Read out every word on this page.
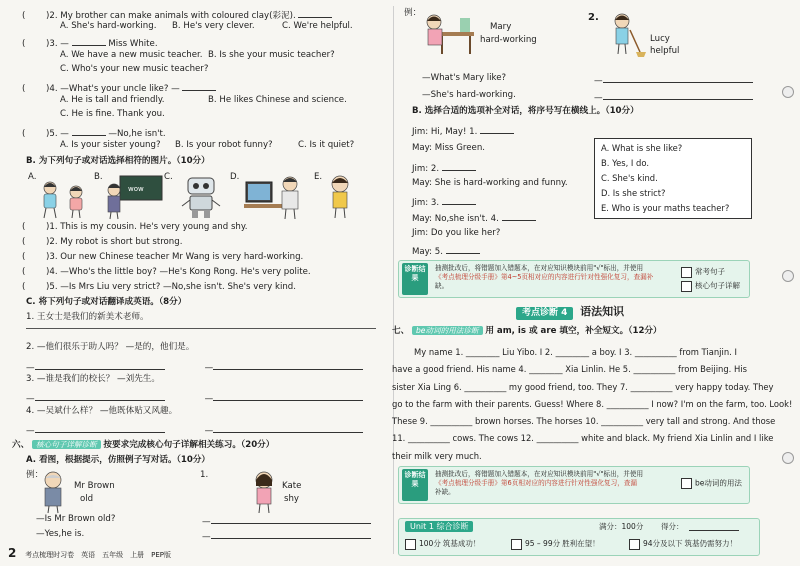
( )2. My brother can make animals with coloured clay(彩泥).
A. She's hard-working. B. He's very clever.	C. We're helpful.
( )3. —	Miss White.
A. We have a new music teacher. B. Is she your music teacher?
C. Who's your new music teacher?
( )4. —What's your uncle like? —
A. He is tall and friendly.	B. He likes Chinese and science.
C. He is fine. Thank you.
( )5. —	—No,he isn't.
A. Is your sister young? B. Is your robot funny?	C. Is it quiet?
B. 为下列句子或对话选择相符的图片。（10分）
A.	B.
wow
C.	D.	E.
( )1. This is my cousin. He's very young and shy.
( )2. My robot is short but strong.
( )3. Our new Chinese teacher Mr Wang is very hard-working.
( )4. —Who's the little boy? —He's Kong Rong. He's very polite.
( )5. —Is Mrs Liu very strict? —No,she isn't. She's very kind.
C. 将下列句子或对话翻译成英语。（8分）
1. 王女士是我们的新美术老师。
2. —他们很乐于助人吗？ —是的，他们是。
—	—
3. —谁是我们的校长？ —刘先生。
—	—
4. —吴斌什么样？ —他既体贴又风趣。
—	—
六、 核心句子详解诊断 按要求完成核心句子详解相关练习。（20分）
A. 看图，根据提示，仿照例子写对话。（10分）
例：
Mr Brown
old
1.
Kate
shy
—Is Mr Brown old?	—
—Yes,he is.	—
2 考点梳理时习卷　英语　五年级　上册　PEP版
例：
Mary
hard-working
2.
Lucy
helpful
—What's Mary like?	—
—She's hard-working.	—
B. 选择合适的选项补全对话，将序号写在横线上。（10分）
Jim: Hi, May! 1.
May: Miss Green.
Jim: 2.
May: She is hard-working and funny.
Jim: 3.
May: No,she isn't. 4.
Jim: Do you like her?
May: 5.
A. What is she like?
B. Yes, I do.
C. She's kind.
D. Is she strict?
E. Who is your maths teacher?
诊断结果
抽测批改后，将错题加入错题本，在对应知识模块前用"√"标出，并使用
《考点梳理分级手册》第4~5页相对应的内容进行针对性强化复习，查漏补
缺。
常考句子
核心句子详解
考点诊断 4 语法知识
七、 be动词的用法诊断 用 am, is 或 are 填空，补全短文。（12分）
My name 1. ________ Liu Yibo. I 2. ________ a boy. I 3. __________ from Tianjin. I
have a good friend. His name 4. ________ Xia Linlin. He 5. __________ from Beijing. His
sister Xia Ling 6. __________ my good friend, too. They 7. __________ very happy today. They
go to the farm with their parents. Guess! Where 8. __________ I now? I'm on the farm, too. Look!
These 9. __________ brown horses. The horses 10. __________ very tall and strong. And those
11. __________ cows. The cows 12. __________ white and black. My friend Xia Linlin and I like
their milk very much.
诊断结果
抽测批改后，将错题加入错题本，在对应知识模块前用"√"标出，并使用
《考点梳理分级手册》第6页相对应的内容进行针对性强化复习，查漏
补缺。
be动词的用法
Unit 1 综合诊断	满分：100分 得分：
100分 筑基成功！	95 – 99分 胜利在望！	94分及以下 筑基仍需努力！
